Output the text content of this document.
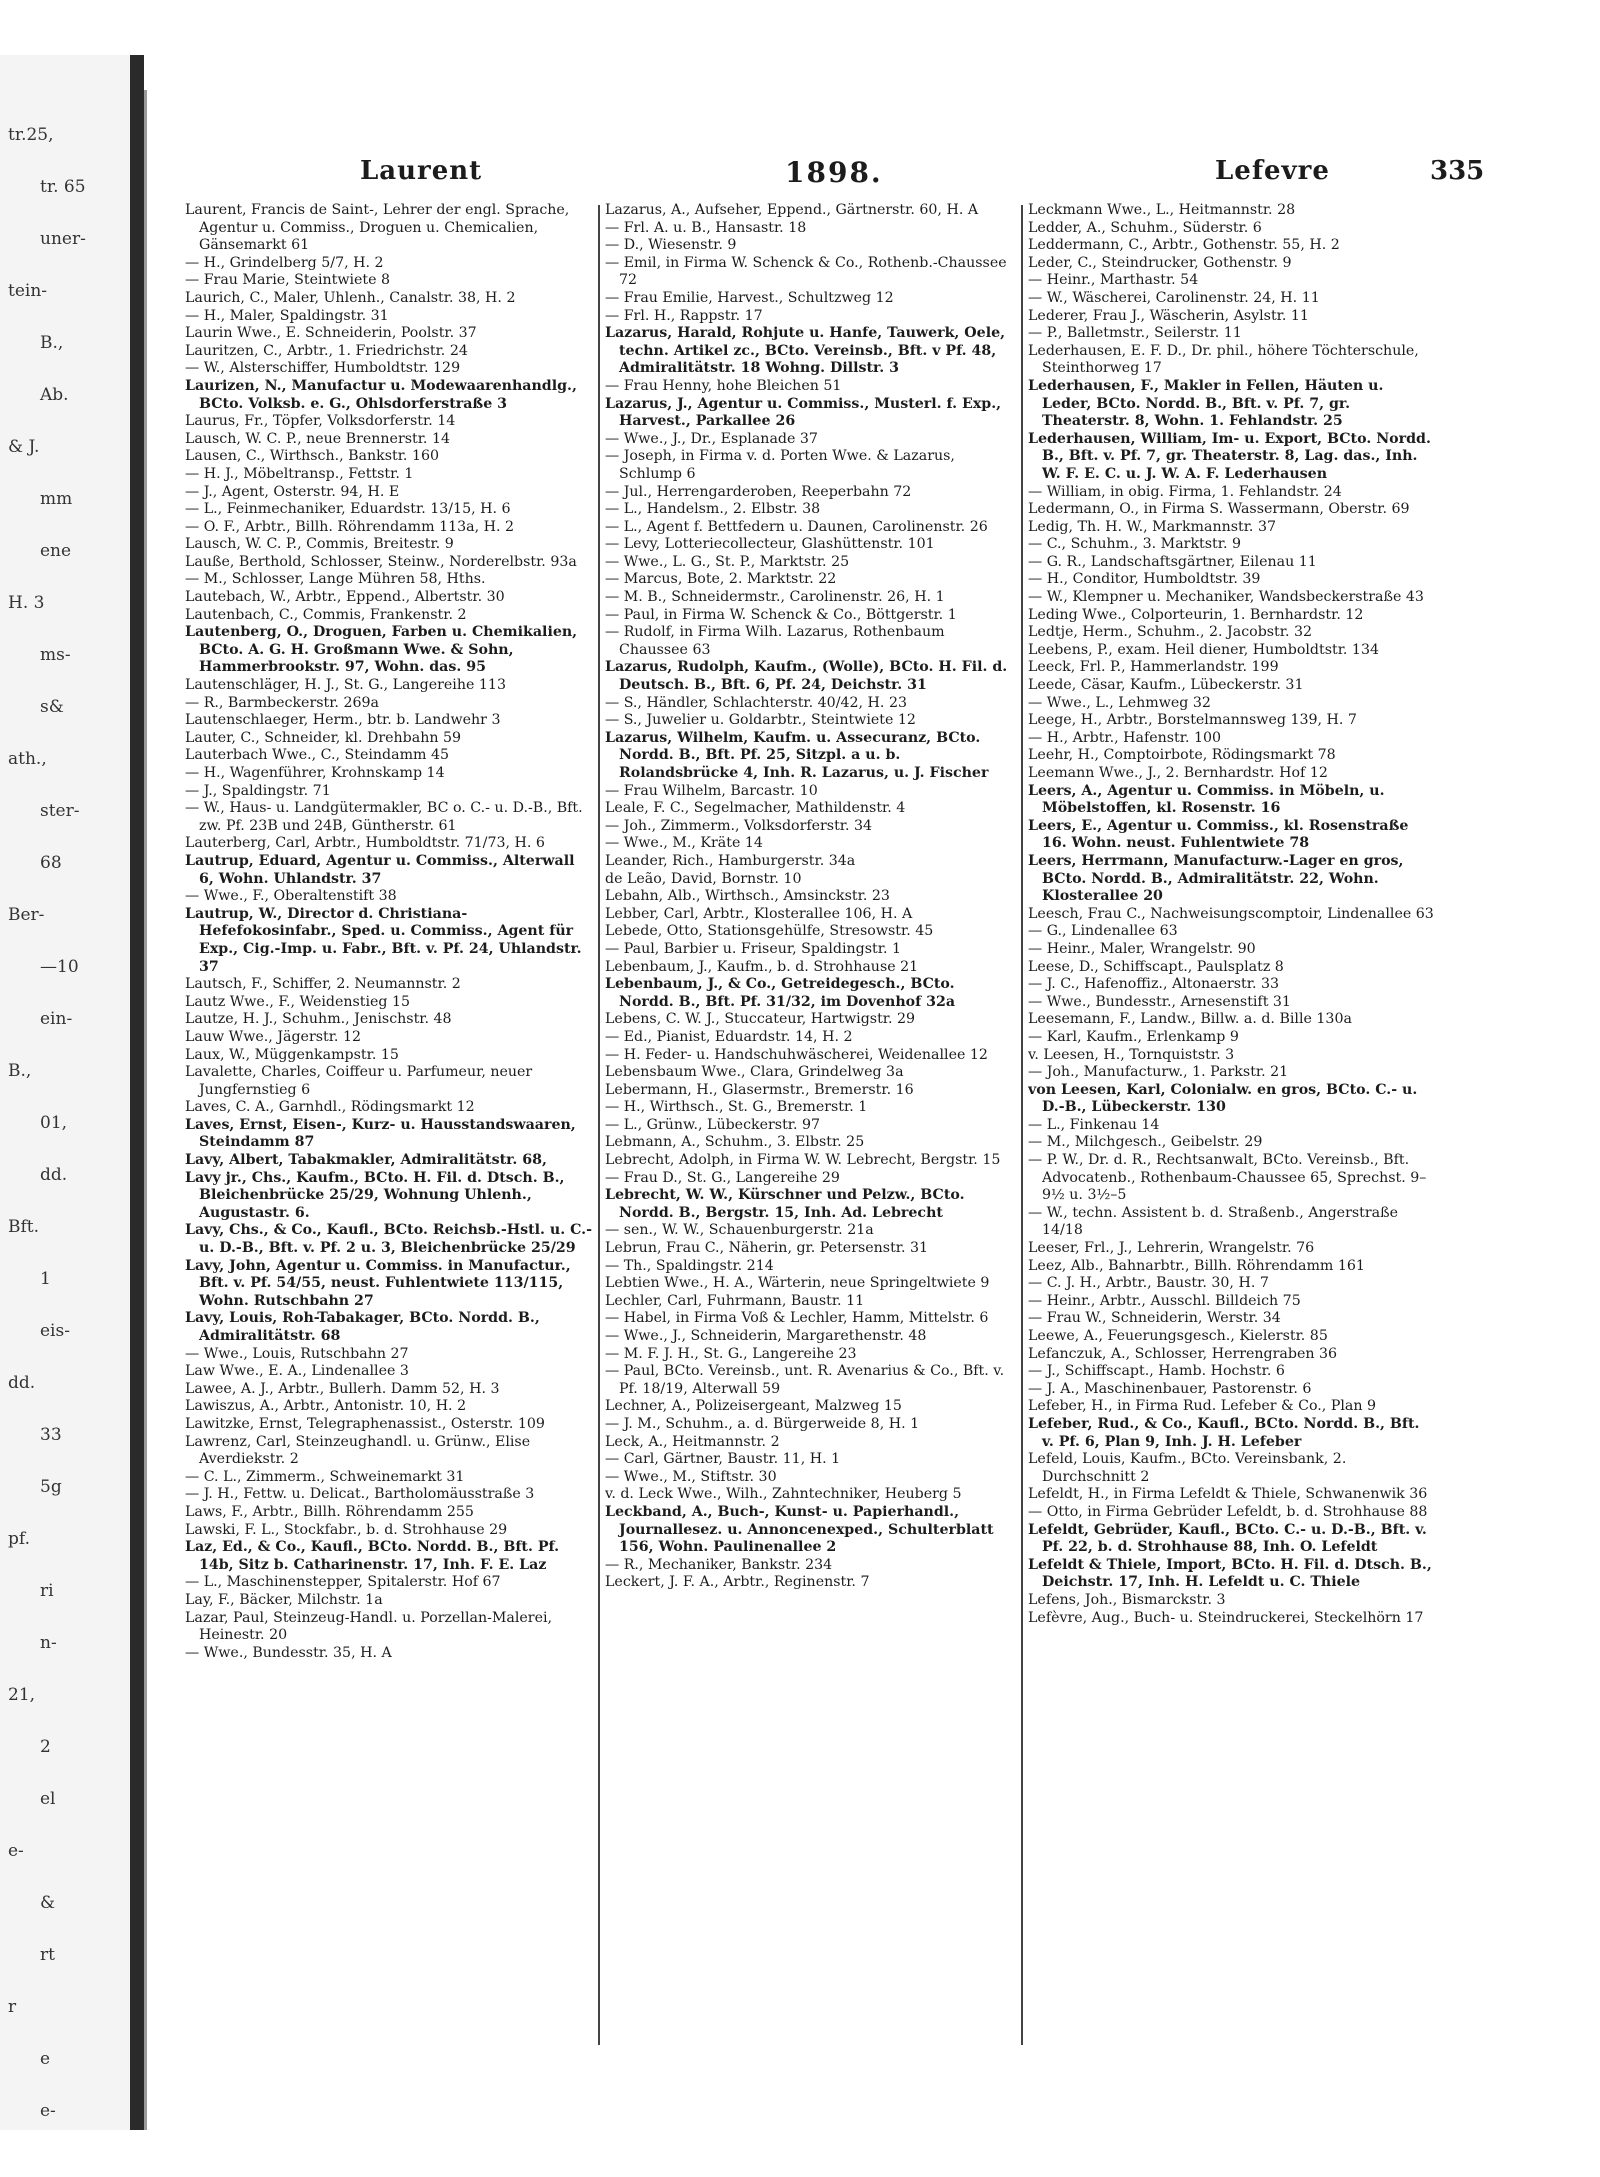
tr.25,
tr. 65
uner-
tein-
B.,
Ab.
& J.
mm
ene
H. 3
ms-
s&
ath.,
ster-
68
Ber-
—10
ein-
B.,
01,
dd.
Bft.
1
eis-
dd.
33
5g
pf.
ri
n-
21,
2
el
e-
&
rt
r
e
e-
Laurent	1898.	Lefevre	335

Laurent, Francis de Saint-, Lehrer der engl. Sprache, Agentur u. Commiss., Droguen u. Chemicalien, Gänsemarkt 61

— H., Grindelberg 5/7, H. 2

— Frau Marie, Steintwiete 8

Laurich, C., Maler, Uhlenh., Canalstr. 38, H. 2

— H., Maler, Spaldingstr. 31

Laurin Wwe., E. Schneiderin, Poolstr. 37

Lauritzen, C., Arbtr., 1. Friedrichstr. 24

— W., Alsterschiffer, Humboldtstr. 129

Laurizen, N., Manufactur u. Modewaarenhandlg., BCto. Volksb. e. G., Ohlsdorferstraße 3

Laurus, Fr., Töpfer, Volksdorferstr. 14

Lausch, W. C. P., neue Brennerstr. 14

Lausen, C., Wirthsch., Bankstr. 160

— H. J., Möbeltransp., Fettstr. 1

— J., Agent, Osterstr. 94, H. E

— L., Feinmechaniker, Eduardstr. 13/15, H. 6

— O. F., Arbtr., Billh. Röhrendamm 113a, H. 2

Lausch, W. C. P., Commis, Breitestr. 9

Lauße, Berthold, Schlosser, Steinw., Norderelbstr. 93a

— M., Schlosser, Lange Mühren 58, Hths.

Lautebach, W., Arbtr., Eppend., Albertstr. 30

Lautenbach, C., Commis, Frankenstr. 2

Lautenberg, O., Droguen, Farben u. Chemikalien, BCto. A. G. H. Großmann Wwe. & Sohn, Hammerbrookstr. 97, Wohn. das. 95

Lautenschläger, H. J., St. G., Langereihe 113

— R., Barmbeckerstr. 269a

Lautenschlaeger, Herm., btr. b. Landwehr 3

Lauter, C., Schneider, kl. Drehbahn 59

Lauterbach Wwe., C., Steindamm 45

— H., Wagenführer, Krohnskamp 14

— J., Spaldingstr. 71

— W., Haus- u. Landgütermakler, BC o. C.- u. D.-B., Bft. zw. Pf. 23B und 24B, Güntherstr. 61

Lauterberg, Carl, Arbtr., Humboldtstr. 71/73, H. 6

Lautrup, Eduard, Agentur u. Commiss., Alterwall 6, Wohn. Uhlandstr. 37

— Wwe., F., Oberaltenstift 38

Lautrup, W., Director d. Christiana-Hefefokosinfabr., Sped. u. Commiss., Agent für Exp., Cig.-Imp. u. Fabr., Bft. v. Pf. 24, Uhlandstr. 37

Lautsch, F., Schiffer, 2. Neumannstr. 2

Lautz Wwe., F., Weidenstieg 15

Lautze, H. J., Schuhm., Jenischstr. 48

Lauw Wwe., Jägerstr. 12

Laux, W., Müggenkampstr. 15

Lavalette, Charles, Coiffeur u. Parfumeur, neuer Jungfernstieg 6

Laves, C. A., Garnhdl., Rödingsmarkt 12

Laves, Ernst, Eisen-, Kurz- u. Hausstandswaaren, Steindamm 87

Lavy, Albert, Tabakmakler, Admiralitätstr. 68,

Lavy jr., Chs., Kaufm., BCto. H. Fil. d. Dtsch. B., Bleichenbrücke 25/29, Wohnung Uhlenh., Augustastr. 6.

Lavy, Chs., & Co., Kaufl., BCto. Reichsb.-Hstl. u. C.- u. D.-B., Bft. v. Pf. 2 u. 3, Bleichenbrücke 25/29

Lavy, John, Agentur u. Commiss. in Manufactur., Bft. v. Pf. 54/55, neust. Fuhlentwiete 113/115, Wohn. Rutschbahn 27

Lavy, Louis, Roh-Tabakager, BCto. Nordd. B., Admiralitätstr. 68

— Wwe., Louis, Rutschbahn 27

Law Wwe., E. A., Lindenallee 3

Lawee, A. J., Arbtr., Bullerh. Damm 52, H. 3

Lawiszus, A., Arbtr., Antonistr. 10, H. 2

Lawitzke, Ernst, Telegraphenassist., Osterstr. 109

Lawrenz, Carl, Steinzeughandl. u. Grünw., Elise Averdiekstr. 2

— C. L., Zimmerm., Schweinemarkt 31

— J. H., Fettw. u. Delicat., Bartholomäusstraße 3

Laws, F., Arbtr., Billh. Röhrendamm 255

Lawski, F. L., Stockfabr., b. d. Strohhause 29

Laz, Ed., & Co., Kaufl., BCto. Nordd. B., Bft. Pf. 14b, Sitz b. Catharinenstr. 17, Inh. F. E. Laz

— L., Maschinenstepper, Spitalerstr. Hof 67

Lay, F., Bäcker, Milchstr. 1a

Lazar, Paul, Steinzeug-Handl. u. Porzellan-Malerei, Heinestr. 20

— Wwe., Bundesstr. 35, H. A

Lazarus, A., Aufseher, Eppend., Gärtnerstr. 60, H. A

— Frl. A. u. B., Hansastr. 18

— D., Wiesenstr. 9

— Emil, in Firma W. Schenck & Co., Rothenb.-Chaussee 72

— Frau Emilie, Harvest., Schultzweg 12

— Frl. H., Rappstr. 17

Lazarus, Harald, Rohjute u. Hanfe, Tauwerk, Oele, techn. Artikel zc., BCto. Vereinsb., Bft. v Pf. 48, Admiralitätstr. 18 Wohng. Dillstr. 3

— Frau Henny, hohe Bleichen 51

Lazarus, J., Agentur u. Commiss., Musterl. f. Exp., Harvest., Parkallee 26

— Wwe., J., Dr., Esplanade 37

— Joseph, in Firma v. d. Porten Wwe. & Lazarus, Schlump 6

— Jul., Herrengarderoben, Reeperbahn 72

— L., Handelsm., 2. Elbstr. 38

— L., Agent f. Bettfedern u. Daunen, Carolinenstr. 26

— Levy, Lotteriecollecteur, Glashüttenstr. 101

— Wwe., L. G., St. P., Marktstr. 25

— Marcus, Bote, 2. Marktstr. 22

— M. B., Schneidermstr., Carolinenstr. 26, H. 1

— Paul, in Firma W. Schenck & Co., Böttgerstr. 1

— Rudolf, in Firma Wilh. Lazarus, Rothenbaum Chaussee 63

Lazarus, Rudolph, Kaufm., (Wolle), BCto. H. Fil. d. Deutsch. B., Bft. 6, Pf. 24, Deichstr. 31

— S., Händler, Schlachterstr. 40/42, H. 23

— S., Juwelier u. Goldarbtr., Steintwiete 12

Lazarus, Wilhelm, Kaufm. u. Assecuranz, BCto. Nordd. B., Bft. Pf. 25, Sitzpl. a u. b. Rolandsbrücke 4, Inh. R. Lazarus, u. J. Fischer

— Frau Wilhelm, Barcastr. 10

Leale, F. C., Segelmacher, Mathildenstr. 4

— Joh., Zimmerm., Volksdorferstr. 34

— Wwe., M., Kräte 14

Leander, Rich., Hamburgerstr. 34a

de Leão, David, Bornstr. 10

Lebahn, Alb., Wirthsch., Amsinckstr. 23

Lebber, Carl, Arbtr., Klosterallee 106, H. A

Lebede, Otto, Stationsgehülfe, Stresowstr. 45

— Paul, Barbier u. Friseur, Spaldingstr. 1

Lebenbaum, J., Kaufm., b. d. Strohhause 21

Lebenbaum, J., & Co., Getreidegesch., BCto. Nordd. B., Bft. Pf. 31/32, im Dovenhof 32a

Lebens, C. W. J., Stuccateur, Hartwigstr. 29

— Ed., Pianist, Eduardstr. 14, H. 2

— H. Feder- u. Handschuhwäscherei, Weidenallee 12

Lebensbaum Wwe., Clara, Grindelweg 3a

Lebermann, H., Glasermstr., Bremerstr. 16

— H., Wirthsch., St. G., Bremerstr. 1

— L., Grünw., Lübeckerstr. 97

Lebmann, A., Schuhm., 3. Elbstr. 25

Lebrecht, Adolph, in Firma W. W. Lebrecht, Bergstr. 15

— Frau D., St. G., Langereihe 29

Lebrecht, W. W., Kürschner und Pelzw., BCto. Nordd. B., Bergstr. 15, Inh. Ad. Lebrecht

— sen., W. W., Schauenburgerstr. 21a

Lebrun, Frau C., Näherin, gr. Petersenstr. 31

— Th., Spaldingstr. 214

Lebtien Wwe., H. A., Wärterin, neue Springeltwiete 9

Lechler, Carl, Fuhrmann, Baustr. 11

— Habel, in Firma Voß & Lechler, Hamm, Mittelstr. 6

— Wwe., J., Schneiderin, Margarethenstr. 48

— M. F. J. H., St. G., Langereihe 23

— Paul, BCto. Vereinsb., unt. R. Avenarius & Co., Bft. v. Pf. 18/19, Alterwall 59

Lechner, A., Polizeisergeant, Malzweg 15

— J. M., Schuhm., a. d. Bürgerweide 8, H. 1

Leck, A., Heitmannstr. 2

— Carl, Gärtner, Baustr. 11, H. 1

— Wwe., M., Stiftstr. 30

v. d. Leck Wwe., Wilh., Zahntechniker, Heuberg 5

Leckband, A., Buch-, Kunst- u. Papierhandl., Journallesez. u. Annoncenexped., Schulterblatt 156, Wohn. Paulinenallee 2

— R., Mechaniker, Bankstr. 234

Leckert, J. F. A., Arbtr., Reginenstr. 7

Leckmann Wwe., L., Heitmannstr. 28

Ledder, A., Schuhm., Süderstr. 6

Leddermann, C., Arbtr., Gothenstr. 55, H. 2

Leder, C., Steindrucker, Gothenstr. 9

— Heinr., Marthastr. 54

— W., Wäscherei, Carolinenstr. 24, H. 11

Lederer, Frau J., Wäscherin, Asylstr. 11

— P., Balletmstr., Seilerstr. 11

Lederhausen, E. F. D., Dr. phil., höhere Töchterschule, Steinthorweg 17

Lederhausen, F., Makler in Fellen, Häuten u. Leder, BCto. Nordd. B., Bft. v. Pf. 7, gr. Theaterstr. 8, Wohn. 1. Fehlandstr. 25

Lederhausen, William, Im- u. Export, BCto. Nordd. B., Bft. v. Pf. 7, gr. Theaterstr. 8, Lag. das., Inh. W. F. E. C. u. J. W. A. F. Lederhausen

— William, in obig. Firma, 1. Fehlandstr. 24

Ledermann, O., in Firma S. Wassermann, Oberstr. 69

Ledig, Th. H. W., Markmannstr. 37

— C., Schuhm., 3. Marktstr. 9

— G. R., Landschaftsgärtner, Eilenau 11

— H., Conditor, Humboldtstr. 39

— W., Klempner u. Mechaniker, Wandsbeckerstraße 43

Leding Wwe., Colporteurin, 1. Bernhardstr. 12

Ledtje, Herm., Schuhm., 2. Jacobstr. 32

Leebens, P., exam. Heil diener, Humboldtstr. 134

Leeck, Frl. P., Hammerlandstr. 199

Leede, Cäsar, Kaufm., Lübeckerstr. 31

— Wwe., L., Lehmweg 32

Leege, H., Arbtr., Borstelmannsweg 139, H. 7

— H., Arbtr., Hafenstr. 100

Leehr, H., Comptoirbote, Rödingsmarkt 78

Leemann Wwe., J., 2. Bernhardstr. Hof 12

Leers, A., Agentur u. Commiss. in Möbeln, u. Möbelstoffen, kl. Rosenstr. 16

Leers, E., Agentur u. Commiss., kl. Rosenstraße 16. Wohn. neust. Fuhlentwiete 78

Leers, Herrmann, Manufacturw.-Lager en gros, BCto. Nordd. B., Admiralitätstr. 22, Wohn. Klosterallee 20

Leesch, Frau C., Nachweisungscomptoir, Lindenallee 63

— G., Lindenallee 63

— Heinr., Maler, Wrangelstr. 90

Leese, D., Schiffscapt., Paulsplatz 8

— J. C., Hafenoffiz., Altonaerstr. 33

— Wwe., Bundesstr., Arnesenstift 31

Leesemann, F., Landw., Billw. a. d. Bille 130a

— Karl, Kaufm., Erlenkamp 9

v. Leesen, H., Tornquiststr. 3

— Joh., Manufacturw., 1. Parkstr. 21

von Leesen, Karl, Colonialw. en gros, BCto. C.- u. D.-B., Lübeckerstr. 130

— L., Finkenau 14

— M., Milchgesch., Geibelstr. 29

— P. W., Dr. d. R., Rechtsanwalt, BCto. Vereinsb., Bft. Advocatenb., Rothenbaum-Chaussee 65, Sprechst. 9–9½ u. 3½–5

— W., techn. Assistent b. d. Straßenb., Angerstraße 14/18

Leeser, Frl., J., Lehrerin, Wrangelstr. 76

Leez, Alb., Bahnarbtr., Billh. Röhrendamm 161

— C. J. H., Arbtr., Baustr. 30, H. 7

— Heinr., Arbtr., Ausschl. Billdeich 75

— Frau W., Schneiderin, Werstr. 34

Leewe, A., Feuerungsgesch., Kielerstr. 85

Lefanczuk, A., Schlosser, Herrengraben 36

— J., Schiffscapt., Hamb. Hochstr. 6

— J. A., Maschinenbauer, Pastorenstr. 6

Lefeber, H., in Firma Rud. Lefeber & Co., Plan 9

Lefeber, Rud., & Co., Kaufl., BCto. Nordd. B., Bft. v. Pf. 6, Plan 9, Inh. J. H. Lefeber

Lefeld, Louis, Kaufm., BCto. Vereinsbank, 2. Durchschnitt 2

Lefeldt, H., in Firma Lefeldt & Thiele, Schwanenwik 36

— Otto, in Firma Gebrüder Lefeldt, b. d. Strohhause 88

Lefeldt, Gebrüder, Kaufl., BCto. C.- u. D.-B., Bft. v. Pf. 22, b. d. Strohhause 88, Inh. O. Lefeldt

Lefeldt & Thiele, Import, BCto. H. Fil. d. Dtsch. B., Deichstr. 17, Inh. H. Lefeldt u. C. Thiele

Lefens, Joh., Bismarckstr. 3

Lefèvre, Aug., Buch- u. Steindruckerei, Steckelhörn 17
